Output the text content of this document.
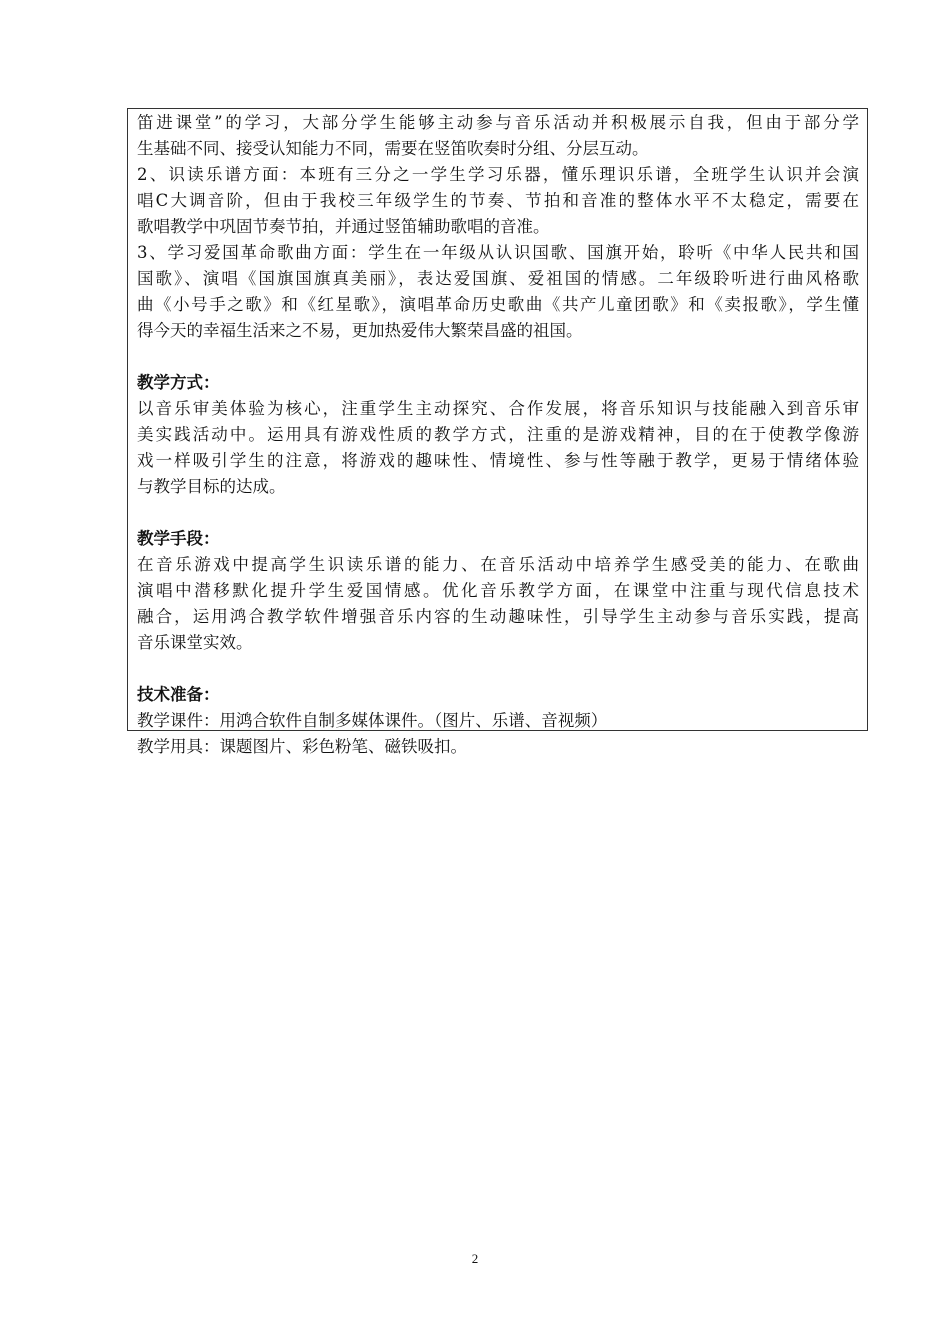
笛进课堂”的学习，大部分学生能够主动参与音乐活动并积极展示自我，但由于部分学
生基础不同、接受认知能力不同，需要在竖笛吹奏时分组、分层互动。
2、识读乐谱方面：本班有三分之一学生学习乐器，懂乐理识乐谱，全班学生认识并会演
唱C大调音阶，但由于我校三年级学生的节奏、节拍和音准的整体水平不太稳定，需要在
歌唱教学中巩固节奏节拍，并通过竖笛辅助歌唱的音准。
3、学习爱国革命歌曲方面：学生在一年级从认识国歌、国旗开始，聆听《中华人民共和国
国歌》、演唱《国旗国旗真美丽》，表达爱国旗、爱祖国的情感。二年级聆听进行曲风格歌
曲《小号手之歌》和《红星歌》，演唱革命历史歌曲《共产儿童团歌》和《卖报歌》，学生懂
得今天的幸福生活来之不易，更加热爱伟大繁荣昌盛的祖国。
教学方式：
以音乐审美体验为核心，注重学生主动探究、合作发展，将音乐知识与技能融入到音乐审
美实践活动中。运用具有游戏性质的教学方式，注重的是游戏精神，目的在于使教学像游
戏一样吸引学生的注意，将游戏的趣味性、情境性、参与性等融于教学，更易于情绪体验
与教学目标的达成。
教学手段：
在音乐游戏中提高学生识读乐谱的能力、在音乐活动中培养学生感受美的能力、在歌曲
演唱中潜移默化提升学生爱国情感。优化音乐教学方面，在课堂中注重与现代信息技术
融合，运用鸿合教学软件增强音乐内容的生动趣味性，引导学生主动参与音乐实践，提高
音乐课堂实效。
技术准备：
教学课件：用鸿合软件自制多媒体课件。（图片、乐谱、音视频）
教学用具：课题图片、彩色粉笔、磁铁吸扣。
2
